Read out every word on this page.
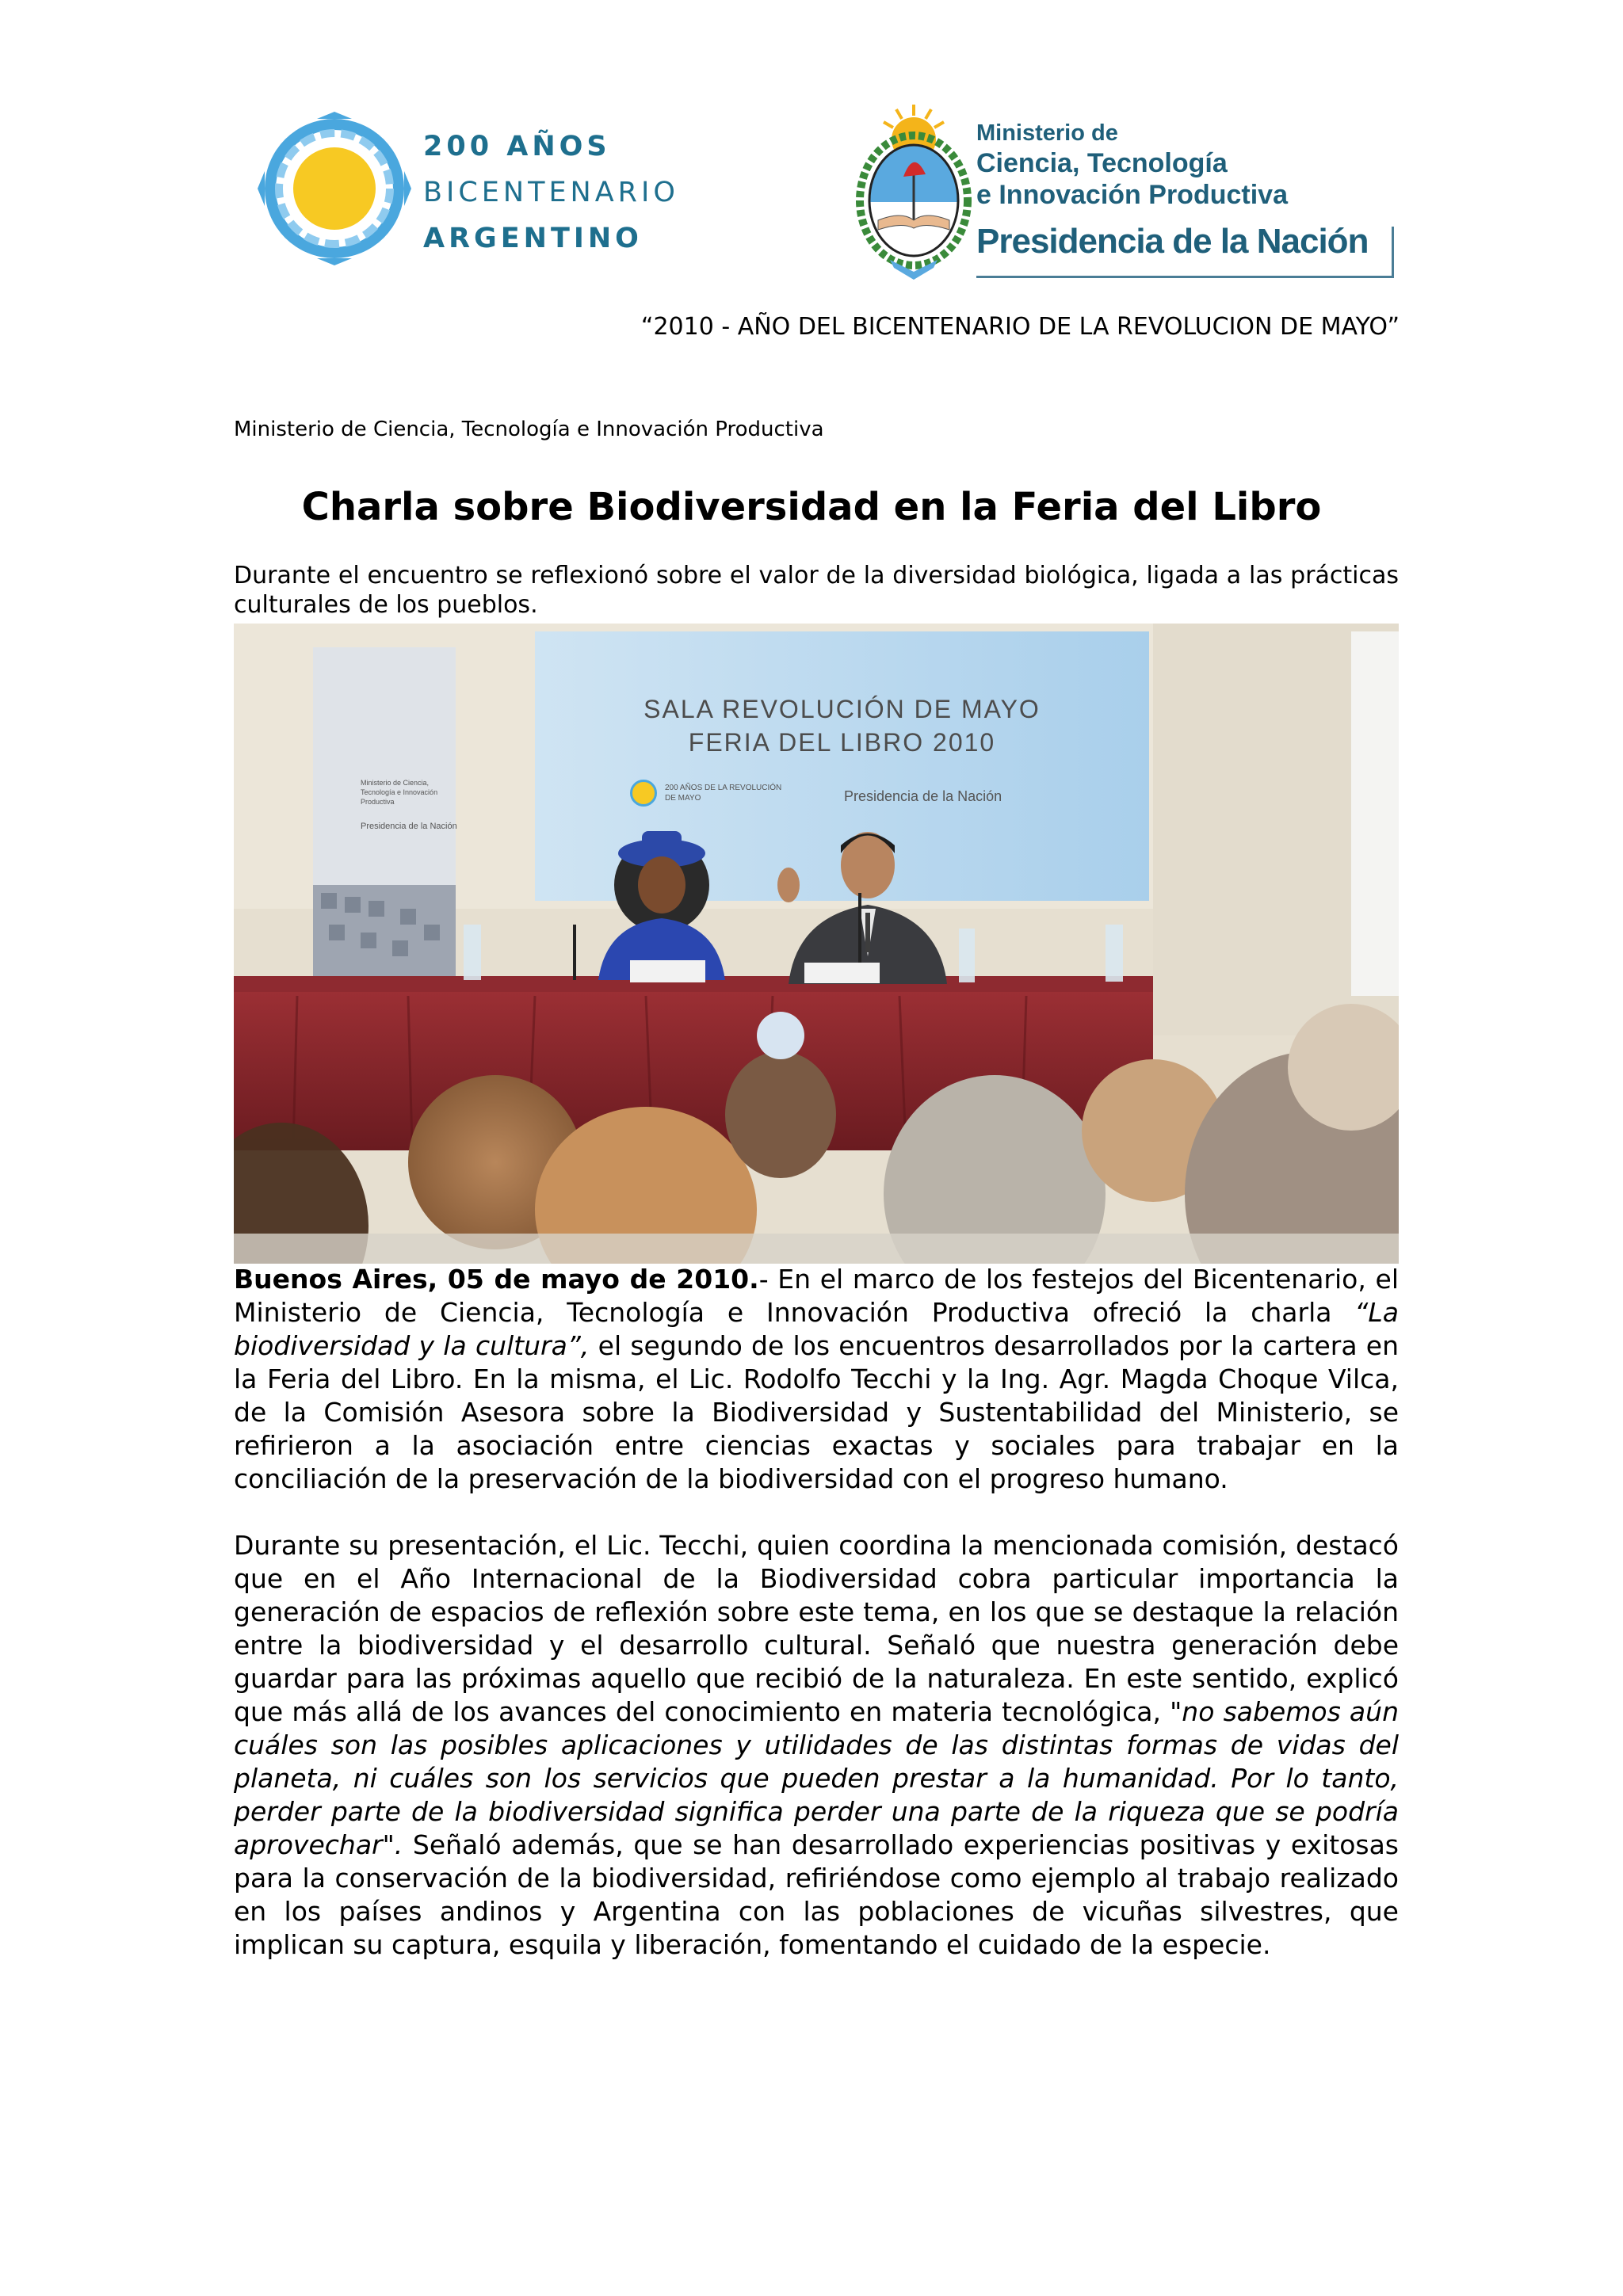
200 AÑOS
BICENTENARIO
ARGENTINO
Ministerio de
Ciencia, Tecnología
e Innovación Productiva
Presidencia de la Nación
“2010 - AÑO DEL BICENTENARIO DE LA REVOLUCION DE MAYO”
Ministerio de Ciencia, Tecnología e Innovación Productiva
Charla sobre Biodiversidad en la Feria del Libro
Durante el encuentro se reflexionó sobre el valor de la diversidad biológica, ligada a las prácticas culturales de los pueblos.
SALA REVOLUCIÓN DE MAYO
FERIA DEL LIBRO 2010
200 AÑOS DE LA REVOLUCIÓN DE MAYO	Presidencia de la Nación
Ministerio de Ciencia, Tecnología e Innovación Productiva
Presidencia de la Nación

Buenos Aires, 05 de mayo de 2010.- En el marco de los festejos del Bicentenario, el Ministerio de Ciencia, Tecnología e Innovación Productiva ofreció la charla “La biodiversidad y la cultura”, el segundo de los encuentros desarrollados por la cartera en la Feria del Libro. En la misma, el Lic. Rodolfo Tecchi y la Ing. Agr. Magda Choque Vilca, de la Comisión Asesora sobre la Biodiversidad y Sustentabilidad del Ministerio, se refirieron a la asociación entre ciencias exactas y sociales para trabajar en la conciliación de la preservación de la biodiversidad con el progreso humano.

Durante su presentación, el Lic. Tecchi, quien coordina la mencionada comisión, destacó que en el Año Internacional de la Biodiversidad cobra particular importancia la generación de espacios de reflexión sobre este tema, en los que se destaque la relación entre la biodiversidad y el desarrollo cultural. Señaló que nuestra generación debe guardar para las próximas aquello que recibió de la naturaleza. En este sentido, explicó que más allá de los avances del conocimiento en materia tecnológica, "no sabemos aún cuáles son las posibles aplicaciones y utilidades de las distintas formas de vidas del planeta, ni cuáles son los servicios que pueden prestar a la humanidad. Por lo tanto, perder parte de la biodiversidad significa perder una parte de la riqueza que se podría aprovechar". Señaló además, que se han desarrollado experiencias positivas y exitosas para la conservación de la biodiversidad, refiriéndose como ejemplo al trabajo realizado en los países andinos y Argentina con las poblaciones de vicuñas silvestres, que implican su captura, esquila y liberación, fomentando el cuidado de la especie.
